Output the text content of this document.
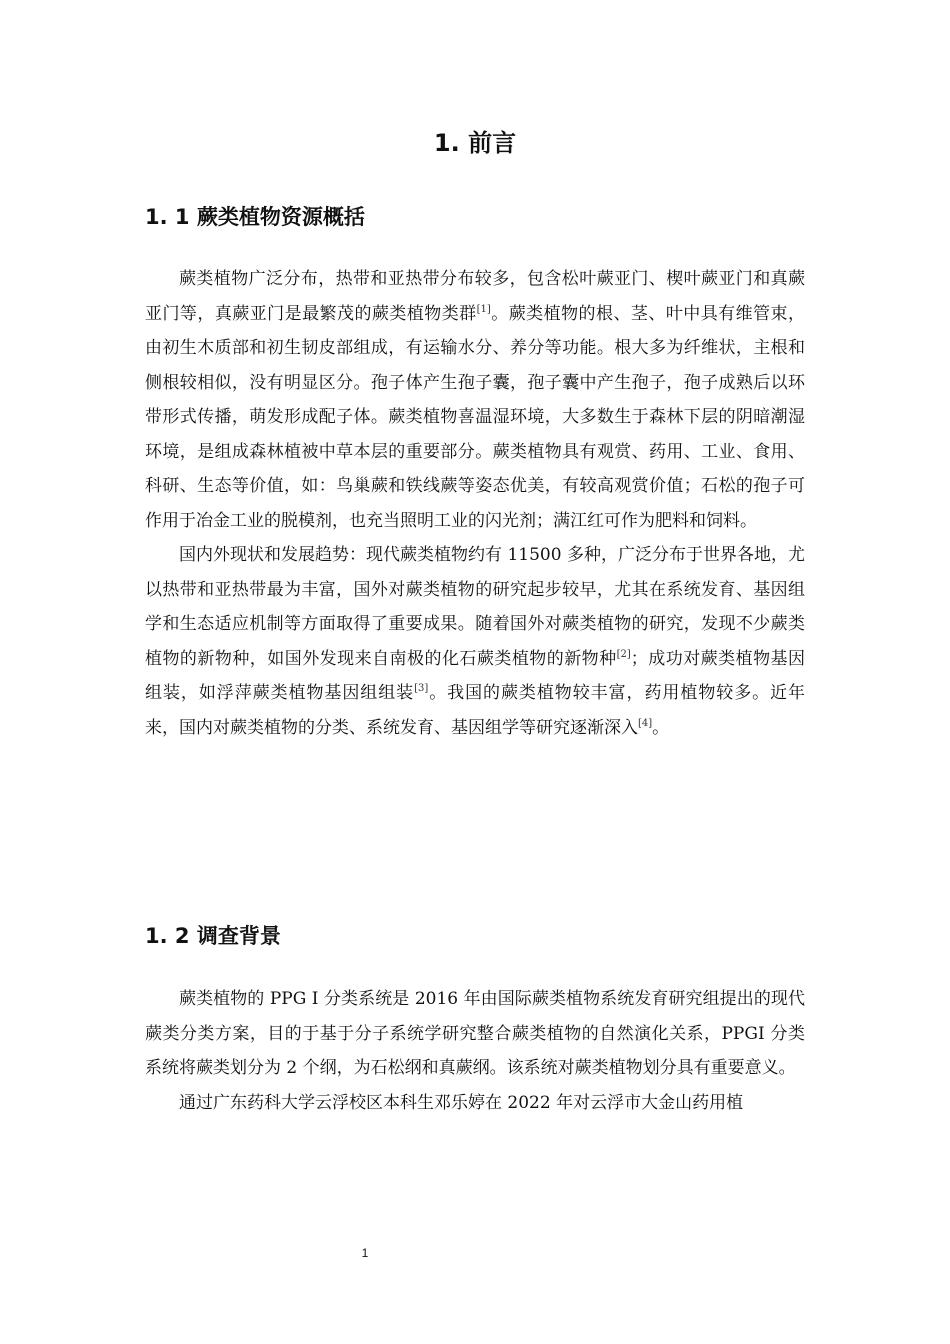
1. 前言
1. 1 蕨类植物资源概括

蕨类植物广泛分布，热带和亚热带分布较多，包含松叶蕨亚门、楔叶蕨亚门和真蕨亚门等，真蕨亚门是最繁茂的蕨类植物类群[1]。蕨类植物的根、茎、叶中具有维管束，由初生木质部和初生韧皮部组成，有运输水分、养分等功能。根大多为纤维状，主根和侧根较相似，没有明显区分。孢子体产生孢子囊，孢子囊中产生孢子，孢子成熟后以环带形式传播，萌发形成配子体。蕨类植物喜温湿环境，大多数生于森林下层的阴暗潮湿环境，是组成森林植被中草本层的重要部分。蕨类植物具有观赏、药用、工业、食用、科研、生态等价值，如：鸟巢蕨和铁线蕨等姿态优美，有较高观赏价值；石松的孢子可作用于冶金工业的脱模剂，也充当照明工业的闪光剂；满江红可作为肥料和饲料。

国内外现状和发展趋势：现代蕨类植物约有 11500 多种，广泛分布于世界各地，尤以热带和亚热带最为丰富，国外对蕨类植物的研究起步较早，尤其在系统发育、基因组学和生态适应机制等方面取得了重要成果。随着国外对蕨类植物的研究，发现不少蕨类植物的新物种，如国外发现来自南极的化石蕨类植物的新物种[2]；成功对蕨类植物基因组装，如浮萍蕨类植物基因组组装[3]。我国的蕨类植物较丰富，药用植物较多。近年来，国内对蕨类植物的分类、系统发育、基因组学等研究逐渐深入[4]。

1. 2 调查背景

蕨类植物的 PPG I 分类系统是 2016 年由国际蕨类植物系统发育研究组提出的现代蕨类分类方案，目的于基于分子系统学研究整合蕨类植物的自然演化关系，PPGI 分类系统将蕨类划分为 2 个纲，为石松纲和真蕨纲。该系统对蕨类植物划分具有重要意义。

通过广东药科大学云浮校区本科生邓乐婷在 2022 年对云浮市大金山药用植

1
